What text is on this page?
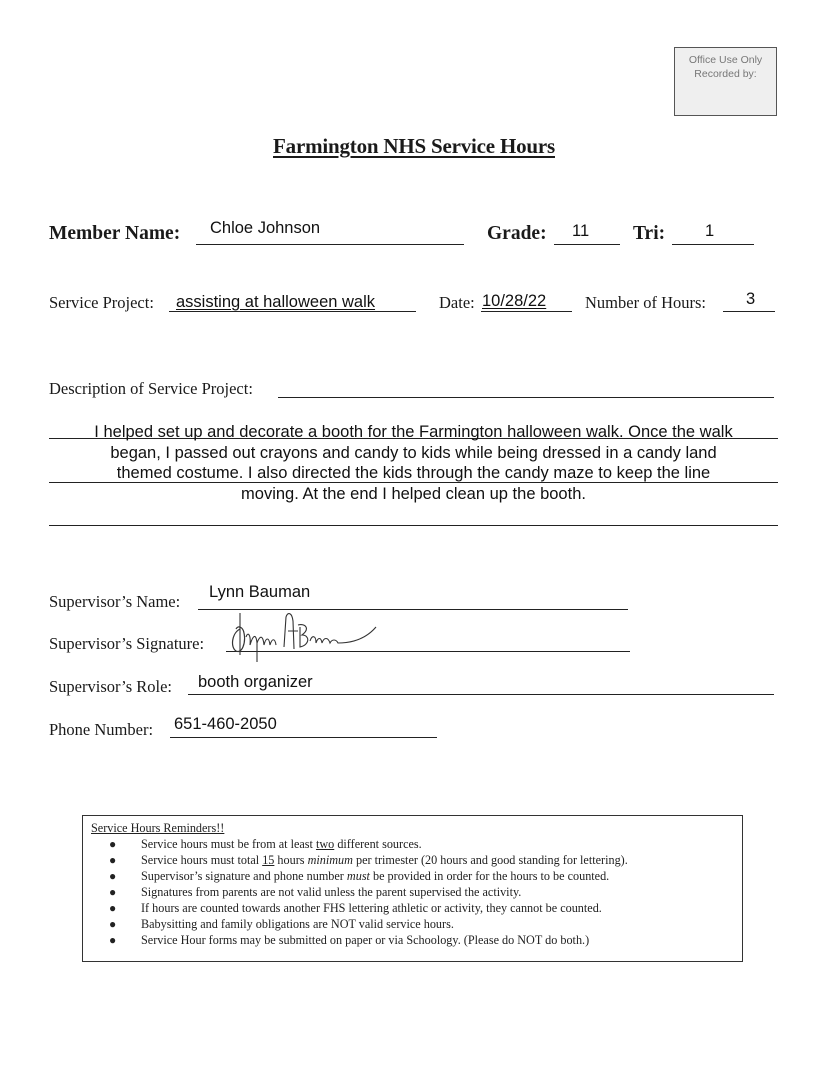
Office Use Only
Recorded by:
Farmington NHS Service Hours
Member Name: Chloe Johnson	Grade: 11 Tri: 1
Service Project: assisting at halloween walk	Date: 10/28/22 Number of Hours: 3
Description of Service Project:
I helped set up and decorate a booth for the Farmington halloween walk. Once the walk
began, I passed out crayons and candy to kids while being dressed in a candy land
themed costume. I also directed the kids through the candy maze to keep the line
moving. At the end I helped clean up the booth.
Supervisor’s Name: Lynn Bauman
Supervisor’s Signature:
Supervisor’s Role: booth organizer
Phone Number: 651-460-2050
Service Hours Reminders!!
● Service hours must be from at least two different sources.
● Service hours must total 15 hours minimum per trimester (20 hours and good standing for lettering).
● Supervisor’s signature and phone number must be provided in order for the hours to be counted.
● Signatures from parents are not valid unless the parent supervised the activity.
● If hours are counted towards another FHS lettering athletic or activity, they cannot be counted.
● Babysitting and family obligations are NOT valid service hours.
● Service Hour forms may be submitted on paper or via Schoology. (Please do NOT do both.)
